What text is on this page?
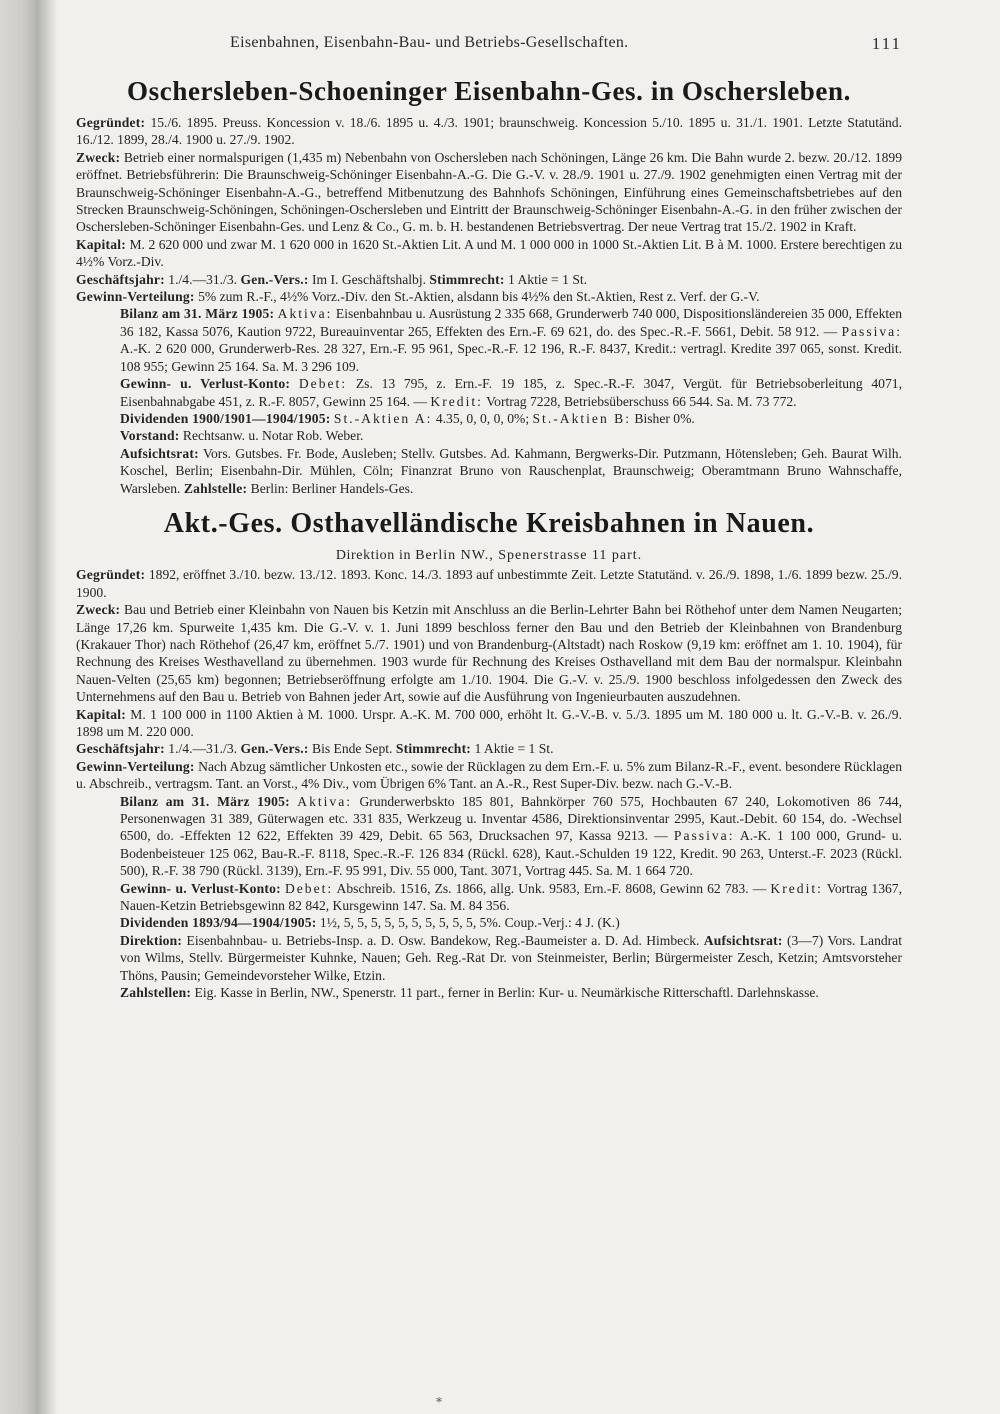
Eisenbahnen, Eisenbahn-Bau- und Betriebs-Gesellschaften.	111
Oschersleben-Schoeninger Eisenbahn-Ges. in Oschersleben.

Gegründet: 15./6. 1895. Preuss. Koncession v. 18./6. 1895 u. 4./3. 1901; braunschweig. Koncession 5./10. 1895 u. 31./1. 1901. Letzte Statutänd. 16./12. 1899, 28./4. 1900 u. 27./9. 1902.

Zweck: Betrieb einer normalspurigen (1,435 m) Nebenbahn von Oschersleben nach Schöningen, Länge 26 km. Die Bahn wurde 2. bezw. 20./12. 1899 eröffnet. Betriebsführerin: Die Braunschweig-Schöninger Eisenbahn-A.-G. Die G.-V. v. 28./9. 1901 u. 27./9. 1902 genehmigten einen Vertrag mit der Braunschweig-Schöninger Eisenbahn-A.-G., betreffend Mitbenutzung des Bahnhofs Schöningen, Einführung eines Gemeinschaftsbetriebes auf den Strecken Braunschweig-Schöningen, Schöningen-Oschersleben und Eintritt der Braunschweig-Schöninger Eisenbahn-A.-G. in den früher zwischen der Oschersleben-Schöninger Eisenbahn-Ges. und Lenz & Co., G. m. b. H. bestandenen Betriebsvertrag. Der neue Vertrag trat 15./2. 1902 in Kraft.

Kapital: M. 2 620 000 und zwar M. 1 620 000 in 1620 St.-Aktien Lit. A und M. 1 000 000 in 1000 St.-Aktien Lit. B à M. 1000. Erstere berechtigen zu 4½% Vorz.-Div.

Geschäftsjahr: 1./4.—31./3. Gen.-Vers.: Im I. Geschäftshalbj. Stimmrecht: 1 Aktie = 1 St.

Gewinn-Verteilung: 5% zum R.-F., 4½% Vorz.-Div. den St.-Aktien, alsdann bis 4½% den St.-Aktien, Rest z. Verf. der G.-V.

Bilanz am 31. März 1905: Aktiva: Eisenbahnbau u. Ausrüstung 2 335 668, Grunderwerb 740 000, Dispositionsländereien 35 000, Effekten 36 182, Kassa 5076, Kaution 9722, Bureauinventar 265, Effekten des Ern.-F. 69 621, do. des Spec.-R.-F. 5661, Debit. 58 912. — Passiva: A.-K. 2 620 000, Grunderwerb-Res. 28 327, Ern.-F. 95 961, Spec.-R.-F. 12 196, R.-F. 8437, Kredit.: vertragl. Kredite 397 065, sonst. Kredit. 108 955; Gewinn 25 164. Sa. M. 3 296 109.

Gewinn- u. Verlust-Konto: Debet: Zs. 13 795, z. Ern.-F. 19 185, z. Spec.-R.-F. 3047, Vergüt. für Betriebsoberleitung 4071, Eisenbahnabgabe 451, z. R.-F. 8057, Gewinn 25 164. — Kredit: Vortrag 7228, Betriebsüberschuss 66 544. Sa. M. 73 772.

Dividenden 1900/1901—1904/1905: St.-Aktien A: 4.35, 0, 0, 0, 0%; St.-Aktien B: Bisher 0%.

Vorstand: Rechtsanw. u. Notar Rob. Weber.

Aufsichtsrat: Vors. Gutsbes. Fr. Bode, Ausleben; Stellv. Gutsbes. Ad. Kahmann, Bergwerks-Dir. Putzmann, Hötensleben; Geh. Baurat Wilh. Koschel, Berlin; Eisenbahn-Dir. Mühlen, Cöln; Finanzrat Bruno von Rauschenplat, Braunschweig; Oberamtmann Bruno Wahnschaffe, Warsleben. Zahlstelle: Berlin: Berliner Handels-Ges.

Akt.-Ges. Osthavelländische Kreisbahnen in Nauen.
Direktion in Berlin NW., Spenerstrasse 11 part.

Gegründet: 1892, eröffnet 3./10. bezw. 13./12. 1893. Konc. 14./3. 1893 auf unbestimmte Zeit. Letzte Statutänd. v. 26./9. 1898, 1./6. 1899 bezw. 25./9. 1900.

Zweck: Bau und Betrieb einer Kleinbahn von Nauen bis Ketzin mit Anschluss an die Berlin-Lehrter Bahn bei Röthehof unter dem Namen Neugarten; Länge 17,26 km. Spurweite 1,435 km. Die G.-V. v. 1. Juni 1899 beschloss ferner den Bau und den Betrieb der Kleinbahnen von Brandenburg (Krakauer Thor) nach Röthehof (26,47 km, eröffnet 5./7. 1901) und von Brandenburg-(Altstadt) nach Roskow (9,19 km: eröffnet am 1. 10. 1904), für Rechnung des Kreises Westhavelland zu übernehmen. 1903 wurde für Rechnung des Kreises Osthavelland mit dem Bau der normalspur. Kleinbahn Nauen-Velten (25,65 km) begonnen; Betriebseröffnung erfolgte am 1./10. 1904. Die G.-V. v. 25./9. 1900 beschloss infolgedessen den Zweck des Unternehmens auf den Bau u. Betrieb von Bahnen jeder Art, sowie auf die Ausführung von Ingenieurbauten auszudehnen.

Kapital: M. 1 100 000 in 1100 Aktien à M. 1000. Urspr. A.-K. M. 700 000, erhöht lt. G.-V.-B. v. 5./3. 1895 um M. 180 000 u. lt. G.-V.-B. v. 26./9. 1898 um M. 220 000.

Geschäftsjahr: 1./4.—31./3. Gen.-Vers.: Bis Ende Sept. Stimmrecht: 1 Aktie = 1 St.

Gewinn-Verteilung: Nach Abzug sämtlicher Unkosten etc., sowie der Rücklagen zu dem Ern.-F. u. 5% zum Bilanz-R.-F., event. besondere Rücklagen u. Abschreib., vertragsm. Tant. an Vorst., 4% Div., vom Übrigen 6% Tant. an A.-R., Rest Super-Div. bezw. nach G.-V.-B.

Bilanz am 31. März 1905: Aktiva: Grunderwerbskto 185 801, Bahnkörper 760 575, Hochbauten 67 240, Lokomotiven 86 744, Personenwagen 31 389, Güterwagen etc. 331 835, Werkzeug u. Inventar 4586, Direktionsinventar 2995, Kaut.-Debit. 60 154, do. -Wechsel 6500, do. -Effekten 12 622, Effekten 39 429, Debit. 65 563, Drucksachen 97, Kassa 9213. — Passiva: A.-K. 1 100 000, Grund- u. Bodenbeisteuer 125 062, Bau-R.-F. 8118, Spec.-R.-F. 126 834 (Rückl. 628), Kaut.-Schulden 19 122, Kredit. 90 263, Unterst.-F. 2023 (Rückl. 500), R.-F. 38 790 (Rückl. 3139), Ern.-F. 95 991, Div. 55 000, Tant. 3071, Vortrag 445. Sa. M. 1 664 720.

Gewinn- u. Verlust-Konto: Debet: Abschreib. 1516, Zs. 1866, allg. Unk. 9583, Ern.-F. 8608, Gewinn 62 783. — Kredit: Vortrag 1367, Nauen-Ketzin Betriebsgewinn 82 842, Kursgewinn 147. Sa. M. 84 356.

Dividenden 1893/94—1904/1905: 1½, 5, 5, 5, 5, 5, 5, 5, 5, 5, 5, 5%. Coup.-Verj.: 4 J. (K.)

Direktion: Eisenbahnbau- u. Betriebs-Insp. a. D. Osw. Bandekow, Reg.-Baumeister a. D. Ad. Himbeck. Aufsichtsrat: (3—7) Vors. Landrat von Wilms, Stellv. Bürgermeister Kuhnke, Nauen; Geh. Reg.-Rat Dr. von Steinmeister, Berlin; Bürgermeister Zesch, Ketzin; Amtsvorsteher Thöns, Pausin; Gemeindevorsteher Wilke, Etzin.

Zahlstellen: Eig. Kasse in Berlin, NW., Spenerstr. 11 part., ferner in Berlin: Kur- u. Neumärkische Ritterschaftl. Darlehnskasse.

*
